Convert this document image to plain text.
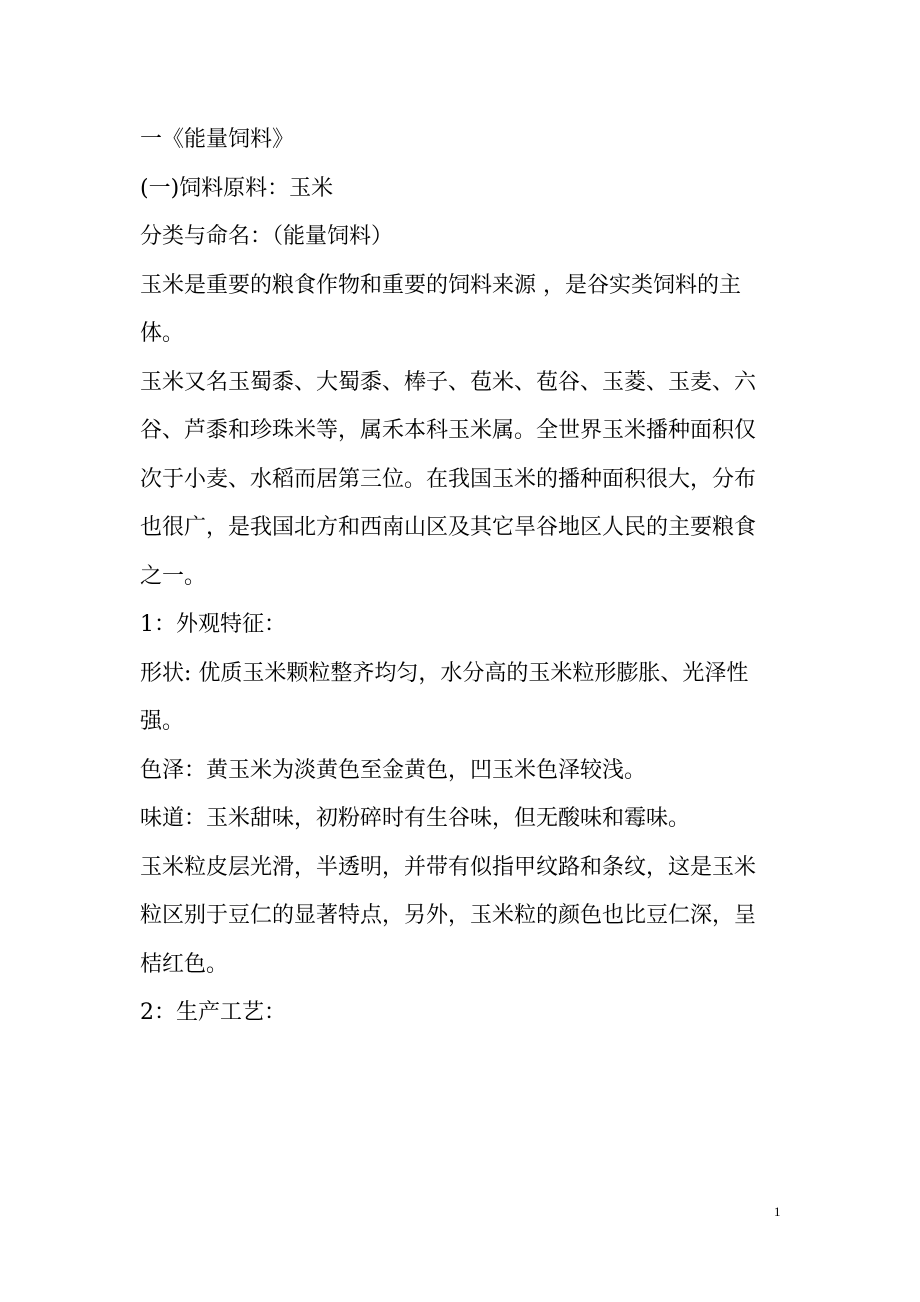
一《能量饲料》
(一)饲料原料：玉米
分类与命名：（能量饲料）
玉米是重要的粮食作物和重要的饲料来源 ，是谷实类饲料的主
体。
玉米又名玉蜀黍、大蜀黍、棒子、苞米、苞谷、玉菱、玉麦、六
谷、芦黍和珍珠米等，属禾本科玉米属。全世界玉米播种面积仅
次于小麦、水稻而居第三位。在我国玉米的播种面积很大，分布
也很广，是我国北方和西南山区及其它旱谷地区人民的主要粮食
之一。
1：外观特征：
形状: 优质玉米颗粒整齐均匀，水分高的玉米粒形膨胀、光泽性
强。
色泽：黄玉米为淡黄色至金黄色，凹玉米色泽较浅。
味道：玉米甜味，初粉碎时有生谷味，但无酸味和霉味。
玉米粒皮层光滑，半透明，并带有似指甲纹路和条纹，这是玉米
粒区别于豆仁的显著特点，另外，玉米粒的颜色也比豆仁深，呈
桔红色。
2：生产工艺：
1
